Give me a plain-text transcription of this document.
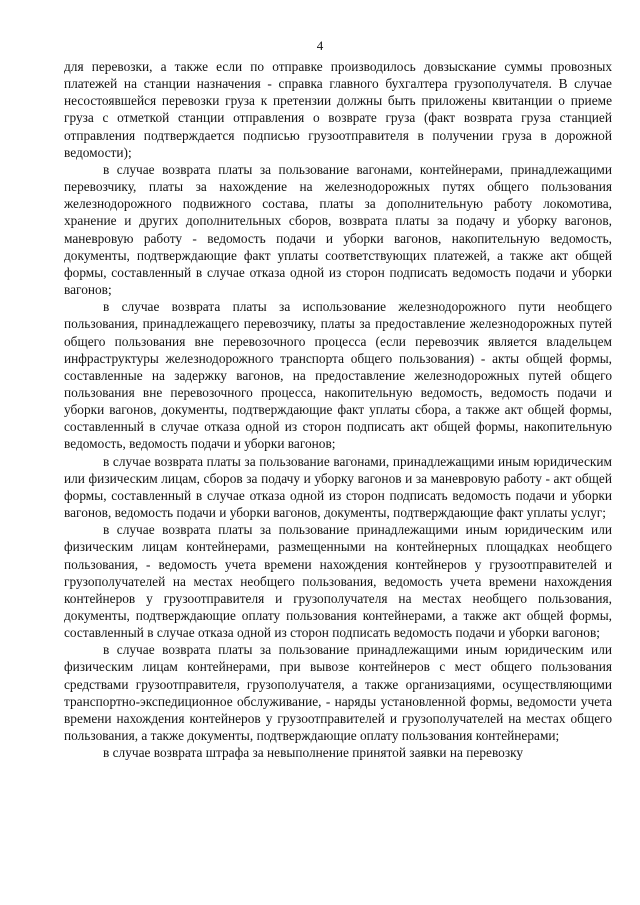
4

для перевозки, а также если по отправке производилось довзыскание суммы провозных платежей на станции назначения - справка главного бухгалтера грузополучателя. В случае несостоявшейся перевозки груза к претензии должны быть приложены квитанции о приеме груза с отметкой станции отправления о возврате груза (факт возврата груза станцией отправления подтверждается подписью грузоотправителя в получении груза в дорожной ведомости);

в случае возврата платы за пользование вагонами, контейнерами, принадлежащими перевозчику, платы за нахождение на железнодорожных путях общего пользования железнодорожного подвижного состава, платы за дополнительную работу локомотива, хранение и других дополнительных сборов, возврата платы за подачу и уборку вагонов, маневровую работу - ведомость подачи и уборки вагонов, накопительную ведомость, документы, подтверждающие факт уплаты соответствующих платежей, а также акт общей формы, составленный в случае отказа одной из сторон подписать ведомость подачи и уборки вагонов;

в случае возврата платы за использование железнодорожного пути необщего пользования, принадлежащего перевозчику, платы за предоставление железнодорожных путей общего пользования вне перевозочного процесса (если перевозчик является владельцем инфраструктуры железнодорожного транспорта общего пользования) - акты общей формы, составленные на задержку вагонов, на предоставление железнодорожных путей общего пользования вне перевозочного процесса, накопительную ведомость, ведомость подачи и уборки вагонов, документы, подтверждающие факт уплаты сбора, а также акт общей формы, составленный в случае отказа одной из сторон подписать акт общей формы, накопительную ведомость, ведомость подачи и уборки вагонов;

в случае возврата платы за пользование вагонами, принадлежащими иным юридическим или физическим лицам, сборов за подачу и уборку вагонов и за маневровую работу - акт общей формы, составленный в случае отказа одной из сторон подписать ведомость подачи и уборки вагонов, ведомость подачи и уборки вагонов, документы, подтверждающие факт уплаты услуг;

в случае возврата платы за пользование принадлежащими иным юридическим или физическим лицам контейнерами, размещенными на контейнерных площадках необщего пользования, - ведомость учета времени нахождения контейнеров у грузоотправителей и грузополучателей на местах необщего пользования, ведомость учета времени нахождения контейнеров у грузоотправителя и грузополучателя на местах необщего пользования, документы, подтверждающие оплату пользования контейнерами, а также акт общей формы, составленный в случае отказа одной из сторон подписать ведомость подачи и уборки вагонов;

в случае возврата платы за пользование принадлежащими иным юридическим или физическим лицам контейнерами, при вывозе контейнеров с мест общего пользования средствами грузоотправителя, грузополучателя, а также организациями, осуществляющими транспортно-экспедиционное обслуживание, - наряды установленной формы, ведомости учета времени нахождения контейнеров у грузоотправителей и грузополучателей на местах общего пользования, а также документы, подтверждающие оплату пользования контейнерами;

в случае возврата штрафа за невыполнение принятой заявки на перевозку
